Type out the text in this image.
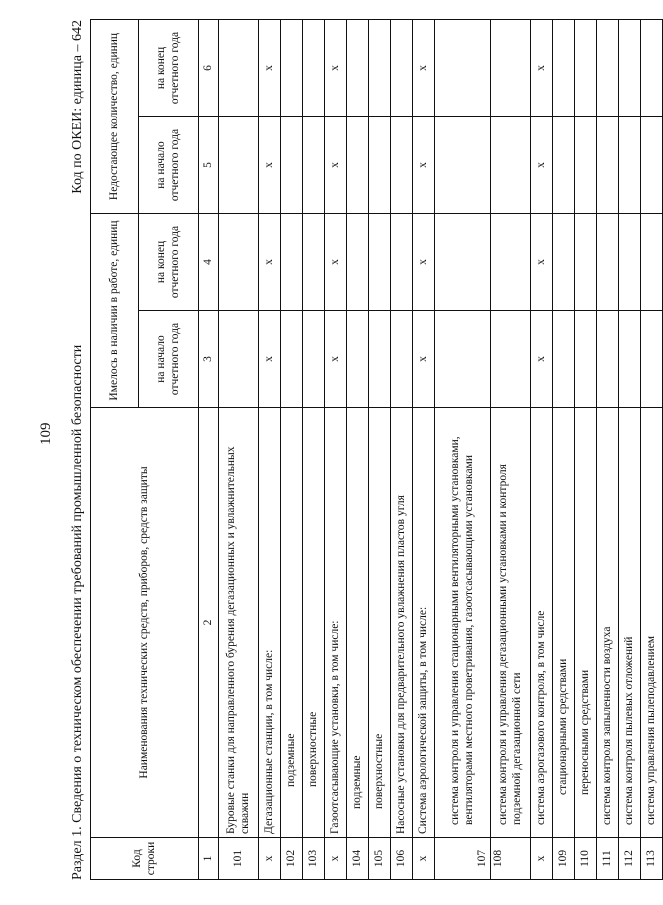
109 Раздел 1. Сведения о техническом обеспечении требований промышленной безопасности
Код по ОКЕИ: единица – 642
Код строки	Наименования технических средств, приборов, средств защиты	Имелось в наличии в работе, единиц		Недостающее количество, единиц	
		на начало отчетного года	на конец отчетного года	на начало отчетного года	на конец отчетного года
1	2	3	4	5	6
101	Буровые станки для направленного бурения дегазационных и увлажнительных скважин				
х	Дегазационные станции, в том числе:	х	х	х	х
102	подземные				
103	поверхностные				
х	Газоотсасывающие установки, в том числе:	х	х	х	х
104	подземные				
105	поверхностные				
106	Насосные установки для предварительного увлажнения пластов угля				
х	Система аэрологической защиты, в том числе:	х	х	х	х
107	система контроля и управления стационарными вентиляторными установками, вентиляторами местного проветривания, газоотсасывающими установками				
108	система контроля и управления дегазационными установками и контроля подземной дегазационной сети				
х	система аэрогазового контроля, в том числе	х	х	х	х
109	стационарными средствами				
110	переносными средствами				
111	система контроля запыленности воздуха				
112	система контроля пылевых отложений				
113	система управления пылеподавлением				
